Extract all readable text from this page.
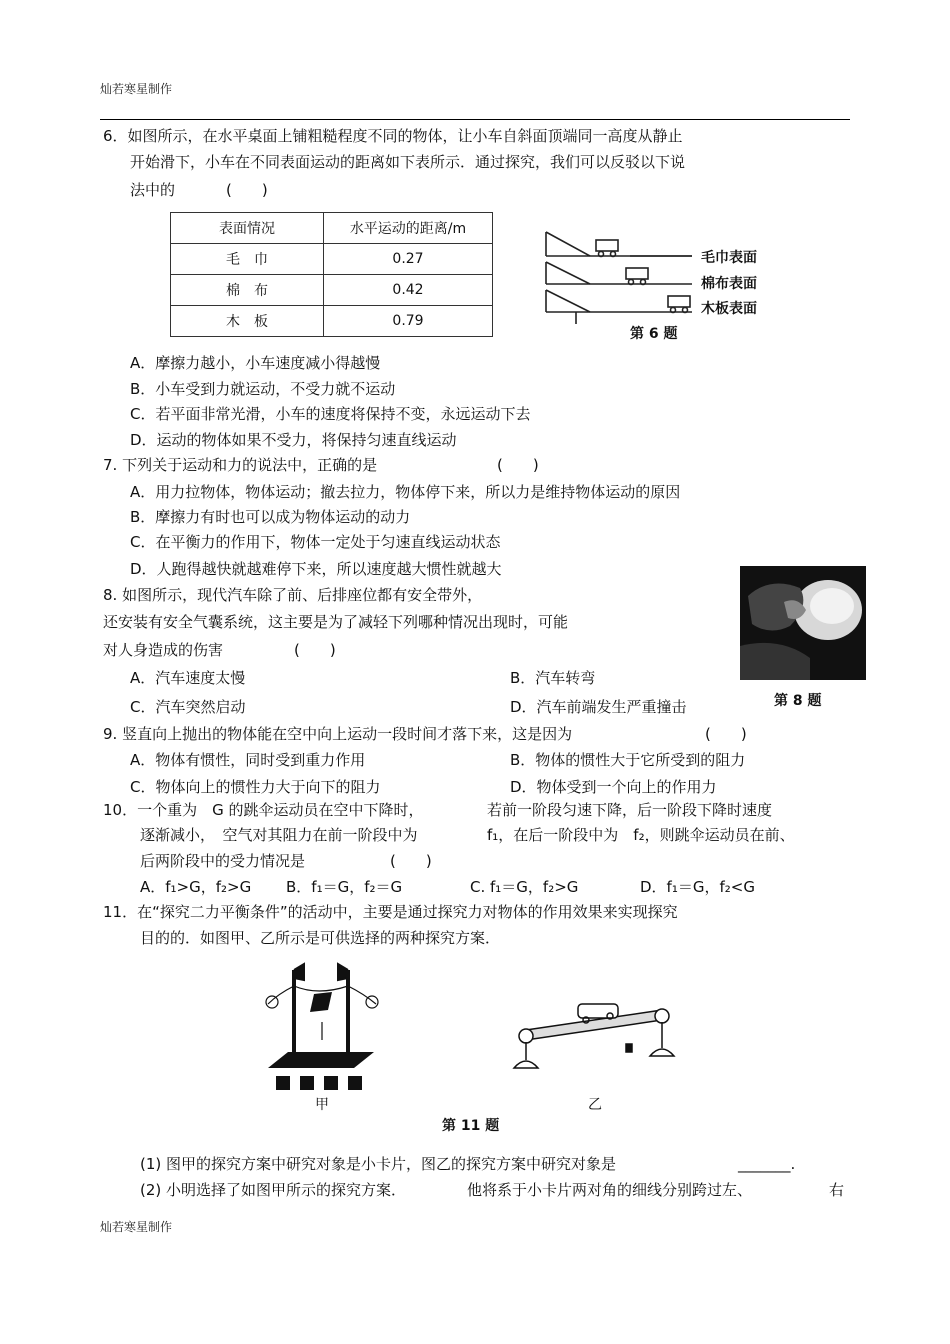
灿若寒星制作
6．如图所示，在水平桌面上铺粗糙程度不同的物体，让小车自斜面顶端同一高度从静止
开始滑下，小车在不同表面运动的距离如下表所示．通过探究，我们可以反驳以下说
法中的	(　　)
表面情况	水平运动的距离/m
毛　巾	0.27
棉　布	0.42
木　板	0.79
毛巾表面
棉布表面
木板表面
第 6 题
A．摩擦力越小，小车速度减小得越慢
B．小车受到力就运动，不受力就不运动
C．若平面非常光滑，小车的速度将保持不变，永远运动下去
D．运动的物体如果不受力，将保持匀速直线运动
7. 下列关于运动和力的说法中，正确的是	(　　)
A．用力拉物体，物体运动；撤去拉力，物体停下来，所以力是维持物体运动的原因
B．摩擦力有时也可以成为物体运动的动力
C．在平衡力的作用下，物体一定处于匀速直线运动状态
D．人跑得越快就越难停下来，所以速度越大惯性就越大
8. 如图所示，现代汽车除了前、后排座位都有安全带外，
还安装有安全气囊系统，这主要是为了减轻下列哪种情况出现时，可能
对人身造成的伤害	(　　)
第 8 题
A．汽车速度太慢	B．汽车转弯
C．汽车突然启动	D．汽车前端发生严重撞击
9. 竖直向上抛出的物体能在空中向上运动一段时间才落下来，这是因为	(　　)
A．物体有惯性，同时受到重力作用	B．物体的惯性大于它所受到的阻力
C．物体向上的惯性力大于向下的阻力	D．物体受到一个向上的作用力
10．一个重为　G 的跳伞运动员在空中下降时，	若前一阶段匀速下降，后一阶段下降时速度
逐渐减小，　空气对其阻力在前一阶段中为	f₁，在后一阶段中为　f₂，则跳伞运动员在前、
后两阶段中的受力情况是	(　　)
A．f₁>G，f₂>G B．f₁＝G，f₂＝G	C. f₁＝G，f₂>G	D．f₁＝G，f₂<G
11．在“探究二力平衡条件”的活动中，主要是通过探究力对物体的作用效果来实现探究
目的的．如图甲、乙所示是可供选择的两种探究方案．
甲	乙
第 11 题
(1) 图甲的探究方案中研究对象是小卡片，图乙的探究方案中研究对象是	_______.
(2) 小明选择了如图甲所示的探究方案．	他将系于小卡片两对角的细线分别跨过左、	右
灿若寒星制作
